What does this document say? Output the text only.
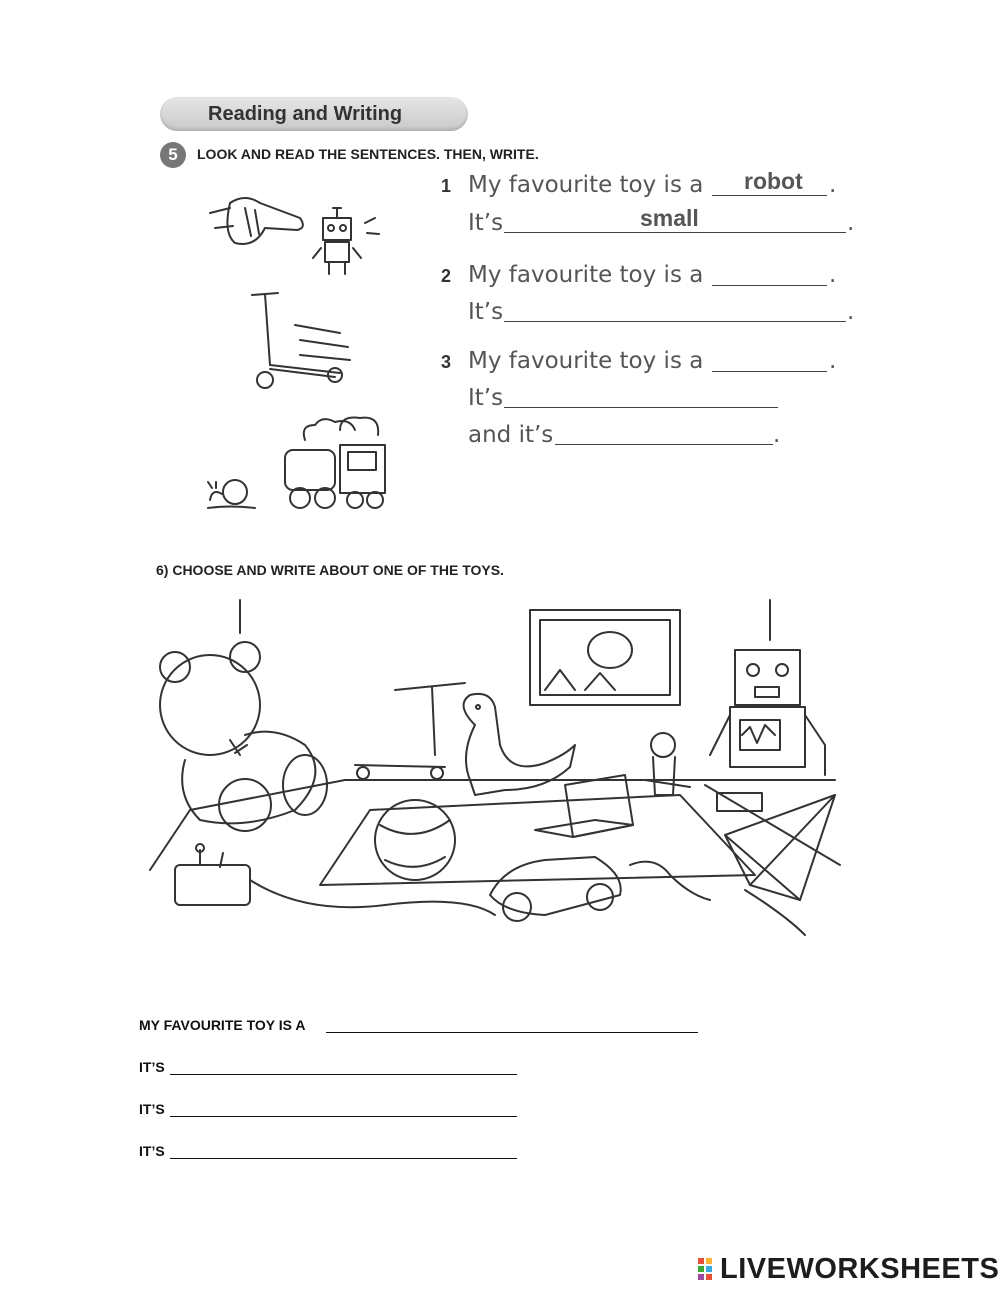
Reading and Writing
5	LOOK AND READ THE SENTENCES. THEN, WRITE.
1 My favourite toy is a robot .
It’s	small	.
2 My favourite toy is a	.
It’s	.
3 My favourite toy is a	.
It’s
and it’s	.
6) CHOOSE AND WRITE ABOUT ONE OF THE TOYS.
MY FAVOURITE TOY IS A
IT’S
IT’S
IT’S
LIVEWORKSHEETS
